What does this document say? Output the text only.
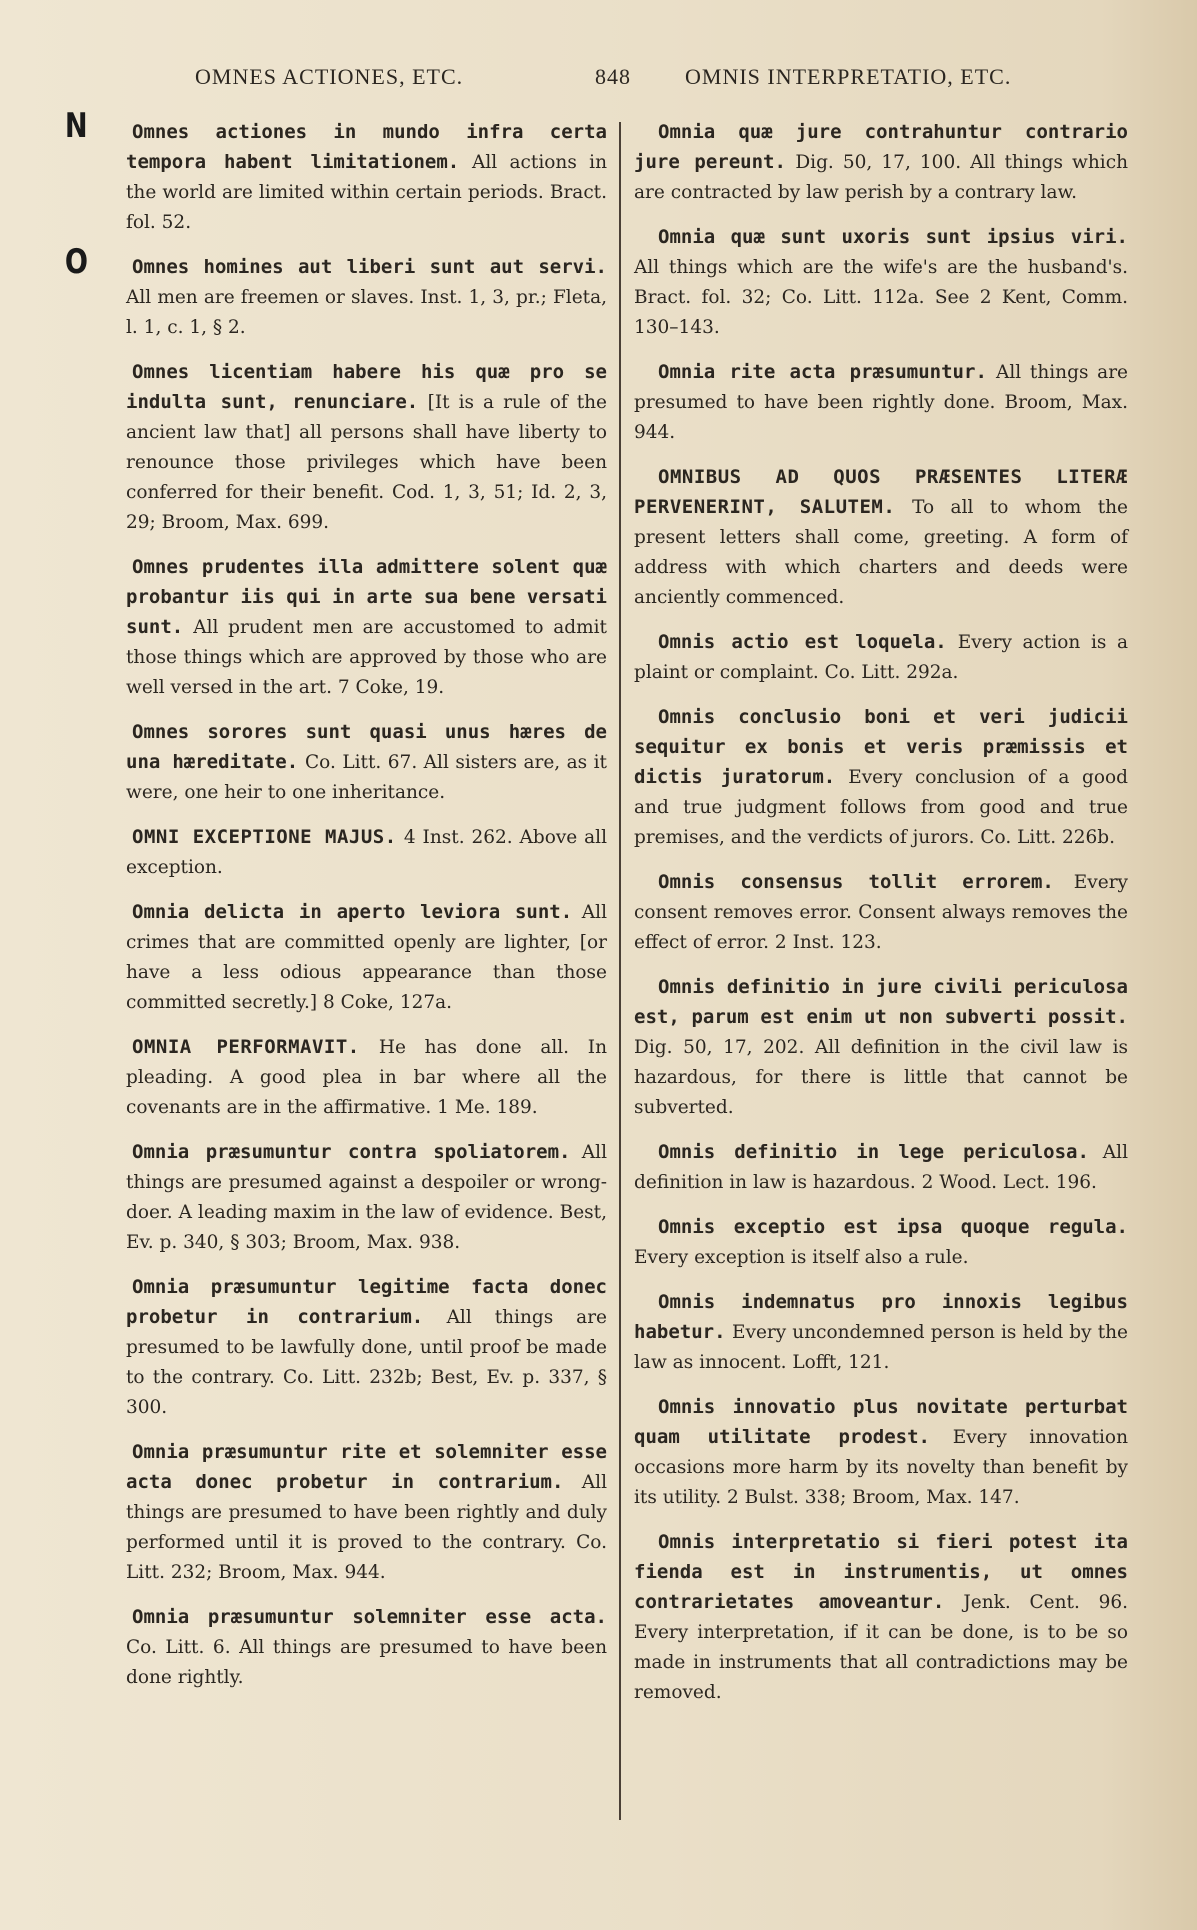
OMNES ACTIONES, ETC.	848 OMNIS INTERPRETATIO, ETC.
N
O

Omnes actiones in mundo infra certa tempora habent limitationem. All actions in the world are limited within certain periods. Bract. fol. 52.

Omnes homines aut liberi sunt aut servi. All men are freemen or slaves. Inst. 1, 3, pr.; Fleta, l. 1, c. 1, § 2.

Omnes licentiam habere his quæ pro se indulta sunt, renunciare. [It is a rule of the ancient law that] all persons shall have liberty to renounce those privileges which have been conferred for their benefit. Cod. 1, 3, 51; Id. 2, 3, 29; Broom, Max. 699.

Omnes prudentes illa admittere solent quæ probantur iis qui in arte sua bene versati sunt. All prudent men are accustomed to admit those things which are approved by those who are well versed in the art. 7 Coke, 19.

Omnes sorores sunt quasi unus hæres de una hæreditate. Co. Litt. 67. All sisters are, as it were, one heir to one inheritance.

OMNI EXCEPTIONE MAJUS. 4 Inst. 262. Above all exception.

Omnia delicta in aperto leviora sunt. All crimes that are committed openly are lighter, [or have a less odious appearance than those committed secretly.] 8 Coke, 127a.

OMNIA PERFORMAVIT. He has done all. In pleading. A good plea in bar where all the covenants are in the affirmative. 1 Me. 189.

Omnia præsumuntur contra spoliatorem. All things are presumed against a despoiler or wrong-doer. A leading maxim in the law of evidence. Best, Ev. p. 340, § 303; Broom, Max. 938.

Omnia præsumuntur legitime facta donec probetur in contrarium. All things are presumed to be lawfully done, until proof be made to the contrary. Co. Litt. 232b; Best, Ev. p. 337, § 300.

Omnia præsumuntur rite et solemniter esse acta donec probetur in contrarium. All things are presumed to have been rightly and duly performed until it is proved to the contrary. Co. Litt. 232; Broom, Max. 944.

Omnia præsumuntur solemniter esse acta. Co. Litt. 6. All things are presumed to have been done rightly.

Omnia quæ jure contrahuntur contrario jure pereunt. Dig. 50, 17, 100. All things which are contracted by law perish by a contrary law.

Omnia quæ sunt uxoris sunt ipsius viri. All things which are the wife's are the husband's. Bract. fol. 32; Co. Litt. 112a. See 2 Kent, Comm. 130–143.

Omnia rite acta præsumuntur. All things are presumed to have been rightly done. Broom, Max. 944.

OMNIBUS AD QUOS PRÆSENTES LITERÆ PERVENERINT, SALUTEM. To all to whom the present letters shall come, greeting. A form of address with which charters and deeds were anciently commenced.

Omnis actio est loquela. Every action is a plaint or complaint. Co. Litt. 292a.

Omnis conclusio boni et veri judicii sequitur ex bonis et veris præmissis et dictis juratorum. Every conclusion of a good and true judgment follows from good and true premises, and the verdicts of jurors. Co. Litt. 226b.

Omnis consensus tollit errorem. Every consent removes error. Consent always removes the effect of error. 2 Inst. 123.

Omnis definitio in jure civili periculosa est, parum est enim ut non subverti possit. Dig. 50, 17, 202. All definition in the civil law is hazardous, for there is little that cannot be subverted.

Omnis definitio in lege periculosa. All definition in law is hazardous. 2 Wood. Lect. 196.

Omnis exceptio est ipsa quoque regula. Every exception is itself also a rule.

Omnis indemnatus pro innoxis legibus habetur. Every uncondemned person is held by the law as innocent. Lofft, 121.

Omnis innovatio plus novitate perturbat quam utilitate prodest. Every innovation occasions more harm by its novelty than benefit by its utility. 2 Bulst. 338; Broom, Max. 147.

Omnis interpretatio si fieri potest ita fienda est in instrumentis, ut omnes contrarietates amoveantur. Jenk. Cent. 96. Every interpretation, if it can be done, is to be so made in instruments that all contradictions may be removed.
